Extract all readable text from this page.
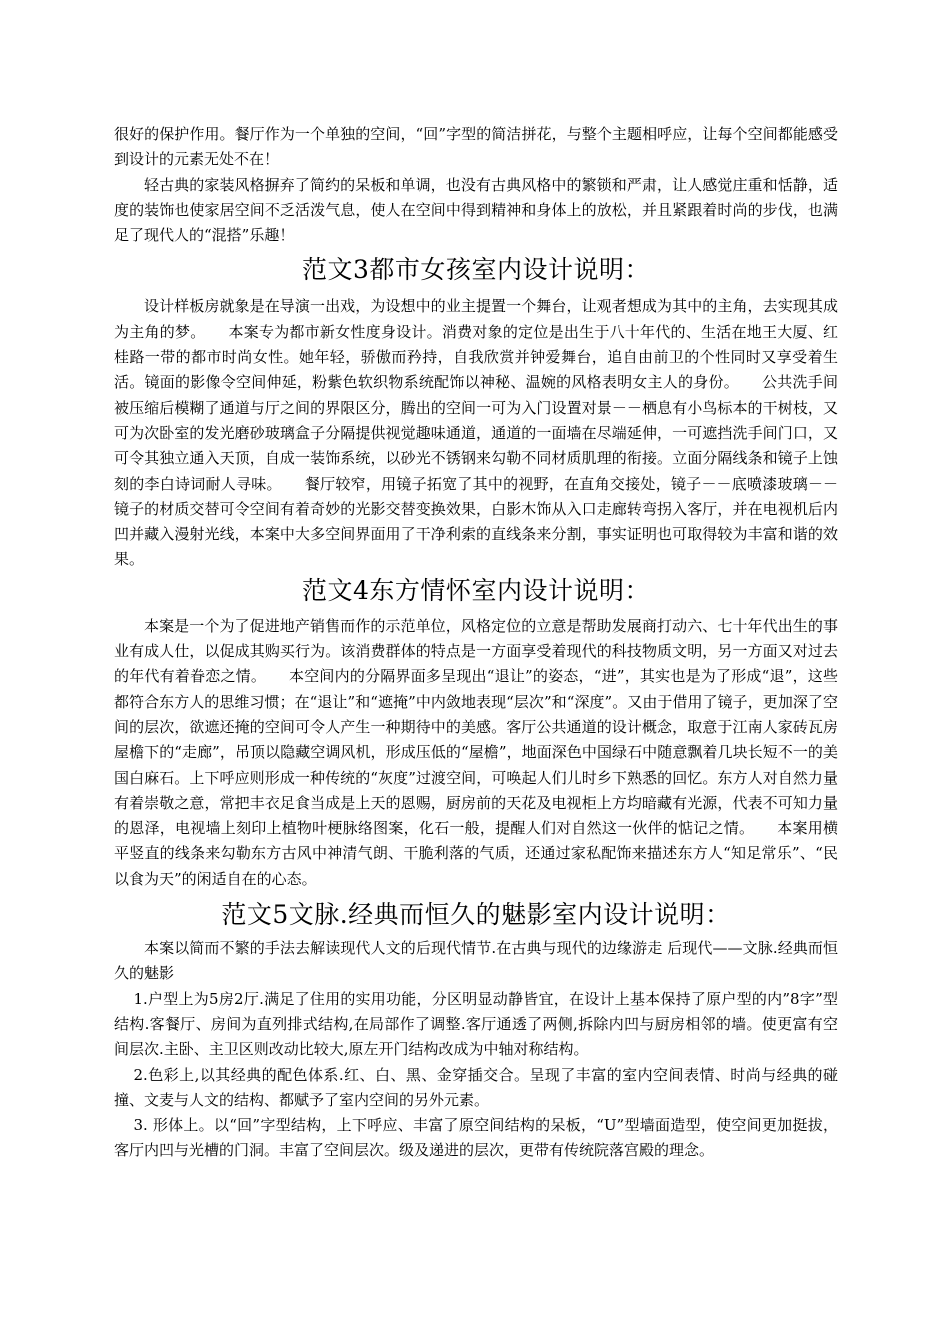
很好的保护作用。餐厅作为一个单独的空间，“回”字型的简洁拼花，与整个主题相呼应，让每个空间都能感受到设计的元素无处不在！

轻古典的家装风格摒弃了简约的呆板和单调，也没有古典风格中的繁锁和严肃，让人感觉庄重和恬静，适度的装饰也使家居空间不乏活泼气息，使人在空间中得到精神和身体上的放松，并且紧跟着时尚的步伐，也满足了现代人的“混搭”乐趣！

范文3都市女孩室内设计说明：

设计样板房就象是在导演一出戏，为设想中的业主提置一个舞台，让观者想成为其中的主角，去实现其成为主角的梦。　　本案专为都市新女性度身设计。消费对象的定位是出生于八十年代的、生活在地王大厦、红桂路一带的都市时尚女性。她年轻，骄傲而矜持，自我欣赏并钟爱舞台，追自由前卫的个性同时又享受着生活。镜面的影像令空间伸延，粉紫色软织物系统配饰以神秘、温婉的风格表明女主人的身份。　　公共洗手间被压缩后模糊了通道与厅之间的界限区分，腾出的空间一可为入门设置对景－－栖息有小鸟标本的干树枝，又可为次卧室的发光磨砂玻璃盒子分隔提供视觉趣味通道，通道的一面墙在尽端延伸，一可遮挡洗手间门口，又可令其独立通入天顶，自成一装饰系统，以砂光不锈钢来勾勒不同材质肌理的衔接。立面分隔线条和镜子上蚀刻的李白诗词耐人寻味。　　餐厅较窄，用镜子拓宽了其中的视野，在直角交接处，镜子－－底喷漆玻璃－－镜子的材质交替可令空间有着奇妙的光影交替变换效果，白影木饰从入口走廊转弯拐入客厅，并在电视机后内凹并藏入漫射光线，本案中大多空间界面用了干净利索的直线条来分割，事实证明也可取得较为丰富和谐的效果。

范文4东方情怀室内设计说明：

本案是一个为了促进地产销售而作的示范单位，风格定位的立意是帮助发展商打动六、七十年代出生的事业有成人仕，以促成其购买行为。该消费群体的特点是一方面享受着现代的科技物质文明，另一方面又对过去的年代有着眷恋之情。　　本空间内的分隔界面多呈现出“退让”的姿态，“进”，其实也是为了形成“退”，这些都符合东方人的思维习惯；在“退让”和“遮掩”中内敛地表现“层次”和“深度”。又由于借用了镜子，更加深了空间的层次，欲遮还掩的空间可令人产生一种期待中的美感。客厅公共通道的设计概念，取意于江南人家砖瓦房屋檐下的“走廊”，吊顶以隐藏空调风机，形成压低的“屋檐”，地面深色中国绿石中随意飘着几块长短不一的美国白麻石。上下呼应则形成一种传统的“灰度”过渡空间，可唤起人们儿时乡下熟悉的回忆。东方人对自然力量有着崇敬之意，常把丰衣足食当成是上天的恩赐，厨房前的天花及电视柜上方均暗藏有光源，代表不可知力量的恩泽，电视墙上刻印上植物叶梗脉络图案，化石一般，提醒人们对自然这一伙伴的惦记之情。　　本案用横平竖直的线条来勾勒东方古风中神清气朗、干脆利落的气质，还通过家私配饰来描述东方人“知足常乐”、“民以食为天”的闲适自在的心态。

范文5文脉.经典而恒久的魅影室内设计说明：

本案以简而不繁的手法去解读现代人文的后现代情节.在古典与现代的边缘游走 后现代——文脉.经典而恒久的魅影

1.户型上为5房2厅.满足了住用的实用功能，分区明显动静皆宜，在设计上基本保持了原户型的内”8字”型结构.客餐厅、房间为直列排式结构,在局部作了调整.客厅通透了两侧,拆除内凹与厨房相邻的墙。使更富有空间层次.主卧、主卫区则改动比较大,原左开门结构改成为中轴对称结构。

2.色彩上,以其经典的配色体系.红、白、黑、金穿插交合。呈现了丰富的室内空间表情、时尚与经典的碰撞、文麦与人文的结构、都赋予了室内空间的另外元素。

3. 形体上。以“回”字型结构，上下呼应、丰富了原空间结构的呆板，“U”型墙面造型，使空间更加挺拔，客厅内凹与光槽的门洞。丰富了空间层次。级及递进的层次，更带有传统院落宫殿的理念。
